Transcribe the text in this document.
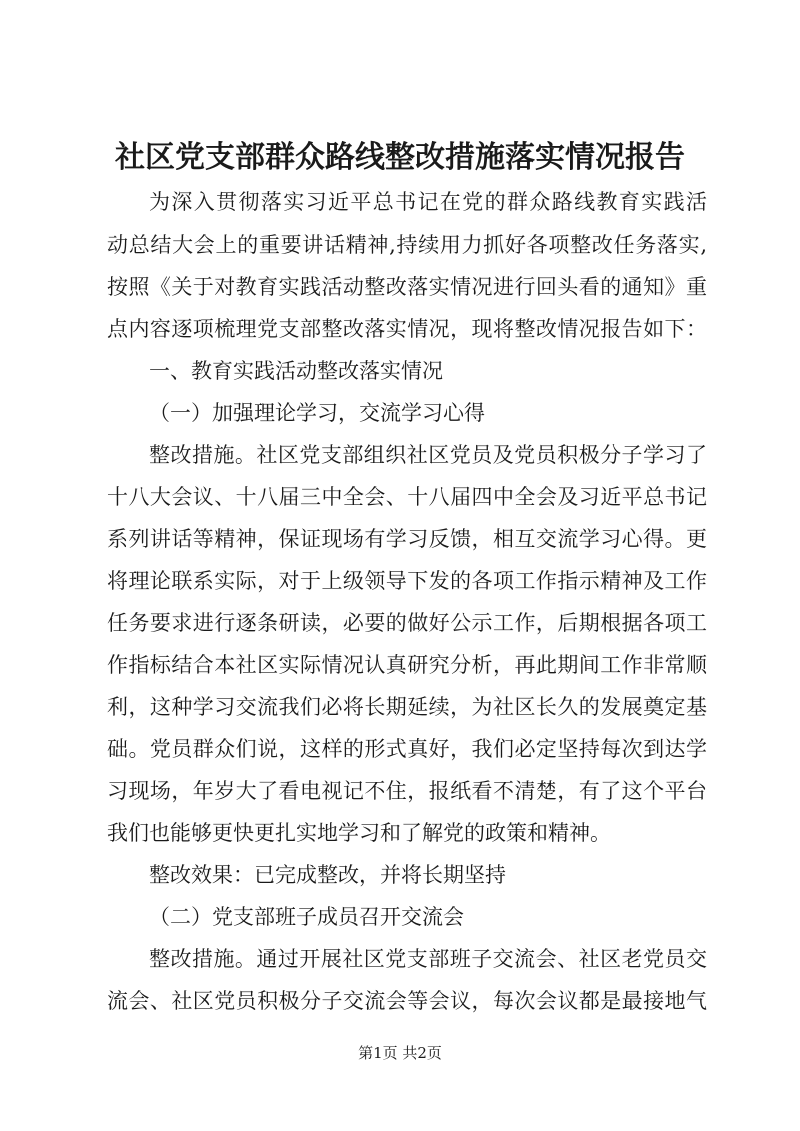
社区党支部群众路线整改措施落实情况报告
为深入贯彻落实习近平总书记在党的群众路线教育实践活
动总结大会上的重要讲话精神,持续用力抓好各项整改任务落实,
按照《关于对教育实践活动整改落实情况进行回头看的通知》重
点内容逐项梳理党支部整改落实情况，现将整改情况报告如下：
一、教育实践活动整改落实情况
（一）加强理论学习，交流学习心得
整改措施。社区党支部组织社区党员及党员积极分子学习了
十八大会议、十八届三中全会、十八届四中全会及习近平总书记
系列讲话等精神，保证现场有学习反馈，相互交流学习心得。更
将理论联系实际，对于上级领导下发的各项工作指示精神及工作
任务要求进行逐条研读，必要的做好公示工作，后期根据各项工
作指标结合本社区实际情况认真研究分析，再此期间工作非常顺
利，这种学习交流我们必将长期延续，为社区长久的发展奠定基
础。党员群众们说，这样的形式真好，我们必定坚持每次到达学
习现场，年岁大了看电视记不住，报纸看不清楚，有了这个平台
我们也能够更快更扎实地学习和了解党的政策和精神。
整改效果：已完成整改，并将长期坚持
（二）党支部班子成员召开交流会
整改措施。通过开展社区党支部班子交流会、社区老党员交
流会、社区党员积极分子交流会等会议，每次会议都是最接地气
第1页 共2页
